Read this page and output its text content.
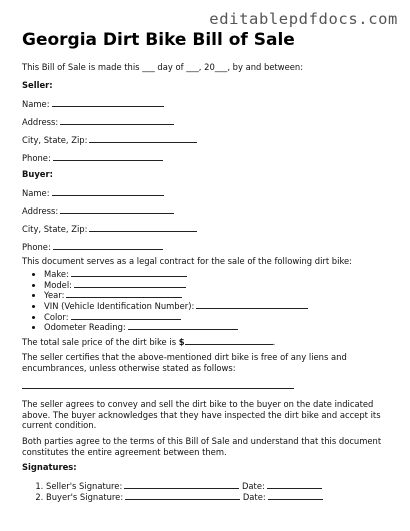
editablepdfdocs.com
Georgia Dirt Bike Bill of Sale
This Bill of Sale is made this ___ day of ___, 20___, by and between:
Seller:
Name:
Address:
City, State, Zip:
Phone:
Buyer:
Name:
Address:
City, State, Zip:
Phone:
This document serves as a legal contract for the sale of the following dirt bike:
• Make:
• Model:
• Year:
• VIN (Vehicle Identification Number):
• Color:
• Odometer Reading:
The total sale price of the dirt bike is $	.
The seller certifies that the above-mentioned dirt bike is free of any liens and encumbrances, unless otherwise stated as follows:
The seller agrees to convey and sell the dirt bike to the buyer on the date indicated above. The buyer acknowledges that they have inspected the dirt bike and accept its current condition.
Both parties agree to the terms of this Bill of Sale and understand that this document constitutes the entire agreement between them.
Signatures:
1. Seller's Signature:	Date:
2. Buyer's Signature:	Date:
